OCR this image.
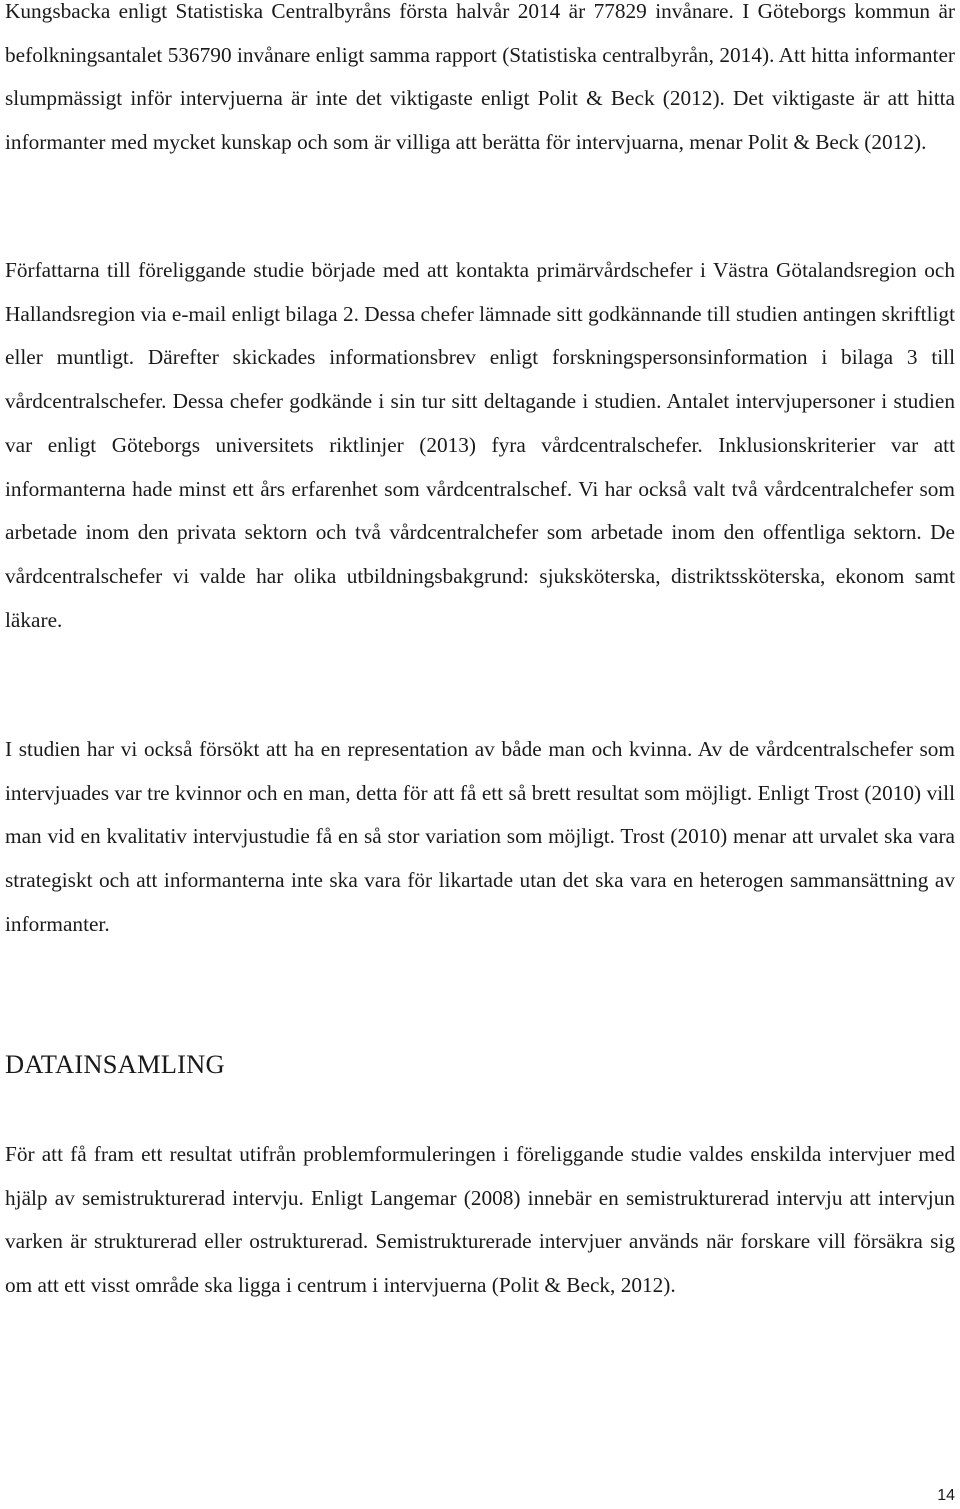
Kungsbacka enligt Statistiska Centralbyråns första halvår 2014 är 77829 invånare. I Göteborgs kommun är befolkningsantalet 536790 invånare enligt samma rapport (Statistiska centralbyrån, 2014). Att hitta informanter slumpmässigt inför intervjuerna är inte det viktigaste enligt Polit & Beck (2012). Det viktigaste är att hitta informanter med mycket kunskap och som är villiga att berätta för intervjuarna, menar Polit & Beck (2012).

Författarna till föreliggande studie började med att kontakta primärvårdschefer i Västra Götalandsregion och Hallandsregion via e-mail enligt bilaga 2. Dessa chefer lämnade sitt godkännande till studien antingen skriftligt eller muntligt. Därefter skickades informationsbrev enligt forskningspersonsinformation i bilaga 3 till vårdcentralschefer. Dessa chefer godkände i sin tur sitt deltagande i studien. Antalet intervjupersoner i studien var enligt Göteborgs universitets riktlinjer (2013) fyra vårdcentralschefer. Inklusionskriterier var att informanterna hade minst ett års erfarenhet som vårdcentralschef. Vi har också valt två vårdcentralchefer som arbetade inom den privata sektorn och två vårdcentralchefer som arbetade inom den offentliga sektorn. De vårdcentralschefer vi valde har olika utbildningsbakgrund: sjuksköterska, distriktssköterska, ekonom samt läkare.

I studien har vi också försökt att ha en representation av både man och kvinna. Av de vårdcentralschefer som intervjuades var tre kvinnor och en man, detta för att få ett så brett resultat som möjligt. Enligt Trost (2010) vill man vid en kvalitativ intervjustudie få en så stor variation som möjligt. Trost (2010) menar att urvalet ska vara strategiskt och att informanterna inte ska vara för likartade utan det ska vara en heterogen sammansättning av informanter.

DATAINSAMLING

För att få fram ett resultat utifrån problemformuleringen i föreliggande studie valdes enskilda intervjuer med hjälp av semistrukturerad intervju. Enligt Langemar (2008) innebär en semistrukturerad intervju att intervjun varken är strukturerad eller ostrukturerad. Semistrukturerade intervjuer används när forskare vill försäkra sig om att ett visst område ska ligga i centrum i intervjuerna (Polit & Beck, 2012).

14
